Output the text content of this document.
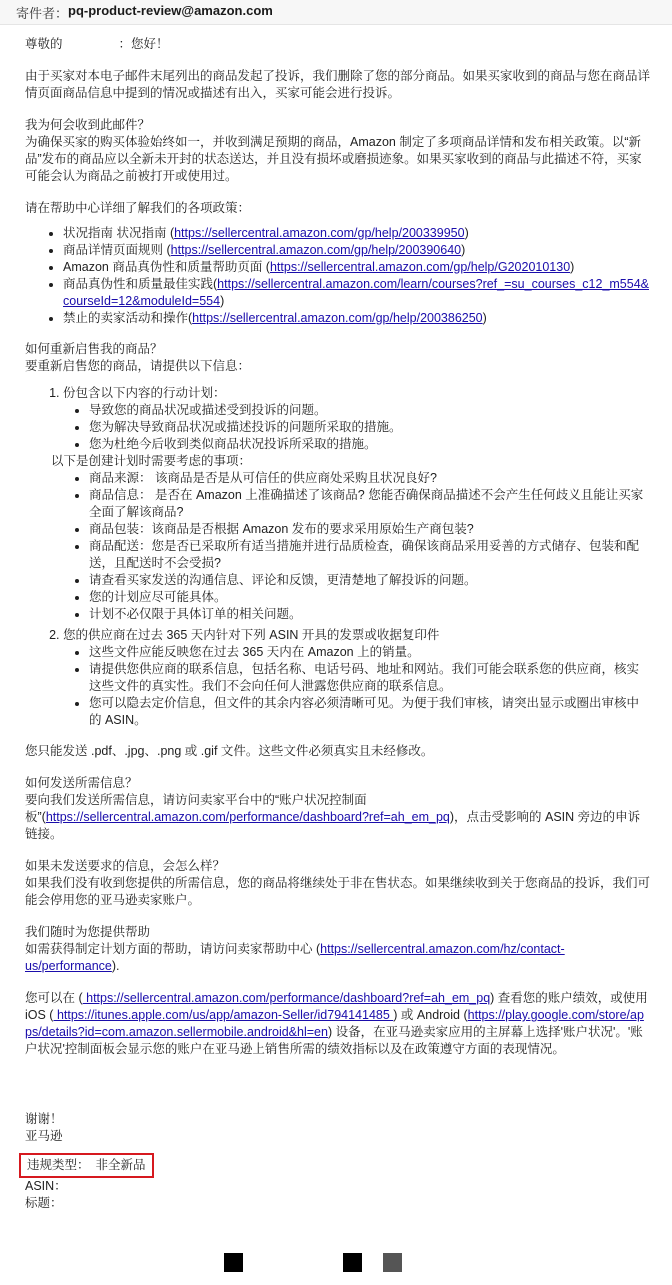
寄件者： pq-product-review@amazon.com

尊敬的	：您好！

由于买家对本电子邮件末尾列出的商品发起了投诉，我们删除了您的部分商品。如果买家收到的商品与您在商品详情页面商品信息中提到的情况或描述有出入，买家可能会进行投诉。

我为何会收到此邮件？
为确保买家的购买体验始终如一，并收到满足预期的商品，Amazon 制定了多项商品详情和发布相关政策。以“新品”发布的商品应以全新未开封的状态送达，并且没有损坏或磨损迹象。如果买家收到的商品与此描述不符，买家可能会认为商品之前被打开或使用过。

请在帮助中心详细了解我们的各项政策：

• 状况指南 状况指南 (https://sellercentral.amazon.com/gp/help/200339950)
• 商品详情页面规则 (https://sellercentral.amazon.com/gp/help/200390640)
• Amazon 商品真伪性和质量帮助页面 (https://sellercentral.amazon.com/gp/help/G202010130)
• 商品真伪性和质量最佳实践(https://sellercentral.amazon.com/learn/courses?ref_=su_courses_c12_m554&courseId=12&moduleId=554)
• 禁止的卖家活动和操作(https://sellercentral.amazon.com/gp/help/200386250)

如何重新启售我的商品？
要重新启售您的商品，请提供以下信息：

1. 份包含以下内容的行动计划：
• 导致您的商品状况或描述受到投诉的问题。
• 您为解决导致商品状况或描述投诉的问题所采取的措施。
• 您为杜绝今后收到类似商品状况投诉所采取的措施。
以下是创建计划时需要考虑的事项：
• 商品来源： 该商品是否是从可信任的供应商处采购且状况良好?
• 商品信息： 是否在 Amazon 上准确描述了该商品? 您能否确保商品描述不会产生任何歧义且能让买家全面了解该商品?
• 商品包装：该商品是否根据 Amazon 发布的要求采用原始生产商包装?
• 商品配送：您是否已采取所有适当措施并进行品质检查，确保该商品采用妥善的方式储存、包装和配送，且配送时不会受损?
• 请查看买家发送的沟通信息、评论和反馈，更清楚地了解投诉的问题。
• 您的计划应尽可能具体。
• 计划不必仅限于具体订单的相关问题。
2. 您的供应商在过去 365 天内针对下列 ASIN 开具的发票或收据复印件
• 这些文件应能反映您在过去 365 天内在 Amazon 上的销量。
• 请提供您供应商的联系信息，包括名称、电话号码、地址和网站。我们可能会联系您的供应商，核实这些文件的真实性。我们不会向任何人泄露您供应商的联系信息。
• 您可以隐去定价信息，但文件的其余内容必须清晰可见。为便于我们审核，请突出显示或圈出审核中的 ASIN。

您只能发送 .pdf、.jpg、.png 或 .gif 文件。这些文件必须真实且未经修改。

如何发送所需信息？
要向我们发送所需信息，请访问卖家平台中的“账户状况控制面板”(https://sellercentral.amazon.com/performance/dashboard?ref=ah_em_pq)，点击受影响的 ASIN 旁边的申诉链接。

如果未发送要求的信息，会怎么样？
如果我们没有收到您提供的所需信息，您的商品将继续处于非在售状态。如果继续收到关于您商品的投诉，我们可能会停用您的亚马逊卖家账户。

我们随时为您提供帮助
如需获得制定计划方面的帮助，请访问卖家帮助中心 (https://sellercentral.amazon.com/hz/contact-us/performance).

您可以在 ( https://sellercentral.amazon.com/performance/dashboard?ref=ah_em_pq) 查看您的账户绩效，或使用 iOS ( https://itunes.apple.com/us/app/amazon-Seller/id794141485 ) 或 Android (https://play.google.com/store/apps/details?id=com.amazon.sellermobile.android&hl=en) 设备，在亚马逊卖家应用的主屏幕上选择'账户状况'。'账户状况'控制面板会显示您的账户在亚马逊上销售所需的绩效指标以及在政策遵守方面的表现情况。

谢谢！
亚马逊
违规类型： 非全新品
ASIN：
标题：
